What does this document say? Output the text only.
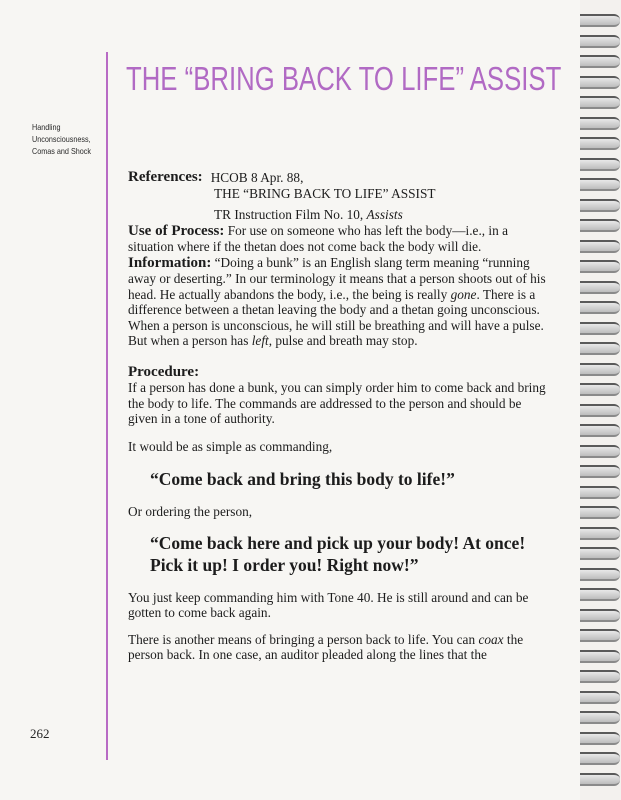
THE “BRING BACK TO LIFE” ASSIST
Handling
Unconsciousness,
Comas and Shock
References: HCOB 8 Apr. 88,
THE “BRING BACK TO LIFE” ASSIST
TR Instruction Film No. 10, Assists

Use of Process: For use on someone who has left the body—i.e., in a situation where if the thetan does not come back the body will die.

Information: “Doing a bunk” is an English slang term meaning “running away or deserting.” In our terminology it means that a person shoots out of his head. He actually abandons the body, i.e., the being is really gone. There is a difference between a thetan leaving the body and a thetan going unconscious. When a person is unconscious, he will still be breathing and will have a pulse. But when a person has left, pulse and breath may stop.

Procedure:

If a person has done a bunk, you can simply order him to come back and bring the body to life. The commands are addressed to the person and should be given in a tone of authority.

It would be as simple as commanding,

“Come back and bring this body to life!”

Or ordering the person,

“Come back here and pick up your body! At once! Pick it up! I order you! Right now!”

You just keep commanding him with Tone 40. He is still around and can be gotten to come back again.

There is another means of bringing a person back to life. You can coax the person back. In one case, an auditor pleaded along the lines that the

262
